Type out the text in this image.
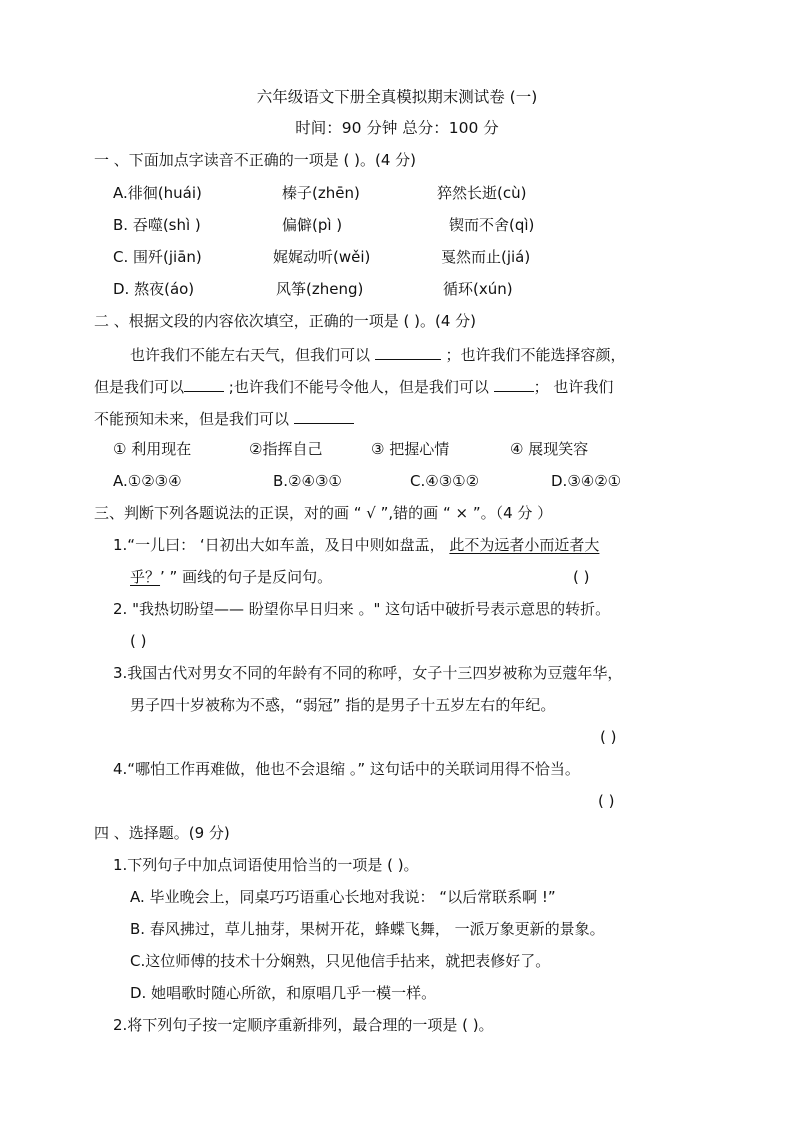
六年级语文下册全真模拟期末测试卷 (一)
时间：90 分钟 总分：100 分
一 、下面加点字读音不正确的一项是 ( )。(4 分)
A.徘徊(huái)	榛子(zhēn)	猝然长逝(cù)
B. 吞噬(shì )	偏僻(pì )	锲而不舍(qì)
C. 围歼(jiān)	娓娓动听(wěi)	戛然而止(jiá)
D. 熬夜(áo)	风筝(zheng)	循环(xún)
二 、根据文段的内容依次填空，正确的一项是 ( )。(4 分)
也许我们不能左右天气，但我们可以	；也许我们不能选择容颜，
但是我们可以	;也许我们不能号令他人，但是我们可以	； 也许我们
不能预知未来，但是我们可以
① 利用现在	②指挥自己	③ 把握心情	④ 展现笑容
A.①②③④	B.②④③①	C.④③①②	D.③④②①
三、判断下列各题说法的正误，对的画 “ √ ”,错的画 “ × ”。（4 分 ）
1.“一儿曰： ‘日初出大如车盖，及日中则如盘盂， 此不为远者小而近者大
乎？’ ” 画线的句子是反问句。	( )
2. "我热切盼望—— 盼望你早日归来 。" 这句话中破折号表示意思的转折。
( )
3.我国古代对男女不同的年龄有不同的称呼，女子十三四岁被称为豆蔻年华，
男子四十岁被称为不惑，“弱冠” 指的是男子十五岁左右的年纪。
( )
4.“哪怕工作再难做，他也不会退缩 。” 这句话中的关联词用得不恰当。
( )
四 、选择题。(9 分)
1.下列句子中加点词语使用恰当的一项是 ( )。
A. 毕业晚会上，同桌巧巧语重心长地对我说： “以后常联系啊 !”
B. 春风拂过，草儿抽芽，果树开花，蜂蝶飞舞， 一派万象更新的景象。
C.这位师傅的技术十分娴熟，只见他信手拈来，就把表修好了。
D. 她唱歌时随心所欲，和原唱几乎一模一样。
2.将下列句子按一定顺序重新排列，最合理的一项是 ( )。
